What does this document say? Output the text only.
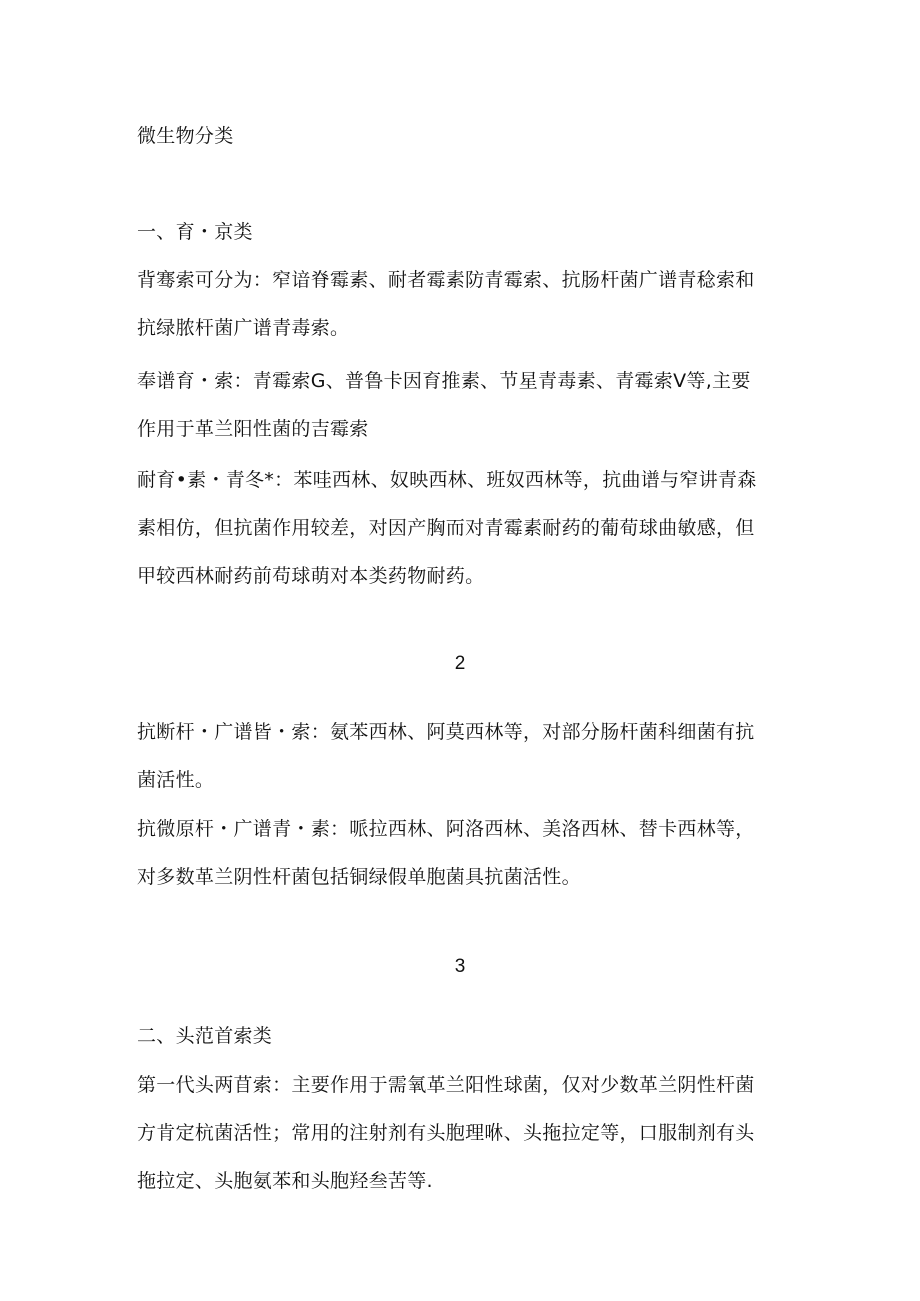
微生物分类
一、育・京类
背骞索可分为：窄谙脊霉素、耐者霉素防青霉索、抗肠杆菌广谱青稔索和
抗绿脓杆菌广谱青毒索。
奉谱育・索：青霉索G、普鲁卡因育推素、节星青毒素、青霉索V等,主要
作用于革兰阳性菌的吉霉索
耐育•素・青冬*：苯哇西林、奴映西林、班奴西林等，抗曲谱与窄讲青森
素相仿，但抗菌作用较差，对因产胸而对青霉素耐药的葡荀球曲敏感，但
甲较西林耐药前苟球萌对本类药物耐药。
2
抗断杆・广谱皆・索：氨苯西林、阿莫西林等，对部分肠杆菌科细菌有抗
菌活性。
抗微原杆・广谱青・素：哌拉西林、阿洛西林、美洛西林、替卡西林等，
对多数革兰阴性杆菌包括铜绿假单胞菌具抗菌活性。
3
二、头范首索类
第一代头两苜索：主要作用于需氧革兰阳性球菌，仅对少数革兰阴性杆菌
方肯定杭菌活性；常用的注射剂有头胞理咻、头拖拉定等，口服制剂有头
拖拉定、头胞氨苯和头胞羟叁苦等.
